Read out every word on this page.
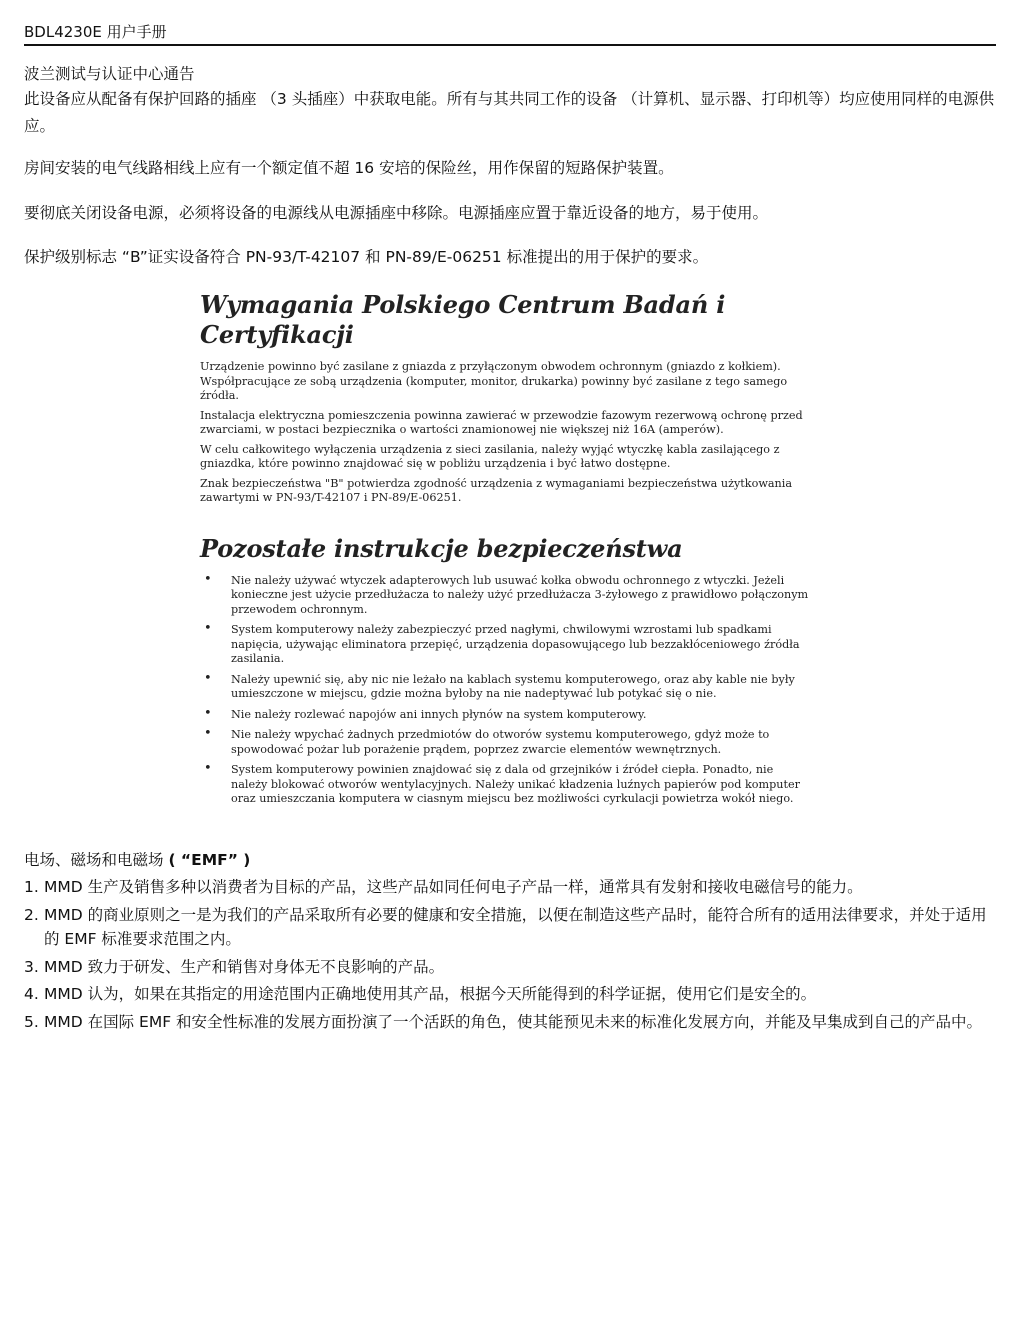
BDL4230E 用户手册
波兰测试与认证中心通告
此设备应从配备有保护回路的插座 （3 头插座）中获取电能。所有与其共同工作的设备 （计算机、显示器、打印机等）均应使用同样的电源供应。
房间安装的电气线路相线上应有一个额定值不超 16 安培的保险丝，用作保留的短路保护装置。
要彻底关闭设备电源，必须将设备的电源线从电源插座中移除。电源插座应置于靠近设备的地方，易于使用。
保护级别标志 “B”证实设备符合 PN-93/T-42107 和 PN-89/E-06251 标准提出的用于保护的要求。
Wymagania Polskiego Centrum Badań i Certyfikacji

Urządzenie powinno być zasilane z gniazda z przyłączonym obwodem ochronnym (gniazdo z kołkiem). Współpracujące ze sobą urządzenia (komputer, monitor, drukarka) powinny być zasilane z tego samego źródła.

Instalacja elektryczna pomieszczenia powinna zawierać w przewodzie fazowym rezerwową ochronę przed zwarciami, w postaci bezpiecznika o wartości znamionowej nie większej niż 16A (amperów).

W celu całkowitego wyłączenia urządzenia z sieci zasilania, należy wyjąć wtyczkę kabla zasilającego z gniazdka, które powinno znajdować się w pobliżu urządzenia i być łatwo dostępne.

Znak bezpieczeństwa "B" potwierdza zgodność urządzenia z wymaganiami bezpieczeństwa użytkowania zawartymi w PN-93/T-42107 i PN-89/E-06251.

Pozostałe instrukcje bezpieczeństwa
• Nie należy używać wtyczek adapterowych lub usuwać kołka obwodu ochronnego z wtyczki. Jeżeli konieczne jest użycie przedłużacza to należy użyć przedłużacza 3-żyłowego z prawidłowo połączonym przewodem ochronnym.
• System komputerowy należy zabezpieczyć przed nagłymi, chwilowymi wzrostami lub spadkami napięcia, używając eliminatora przepięć, urządzenia dopasowującego lub bezzakłóceniowego źródła zasilania.
• Należy upewnić się, aby nic nie leżało na kablach systemu komputerowego, oraz aby kable nie były umieszczone w miejscu, gdzie można byłoby na nie nadeptywać lub potykać się o nie.
• Nie należy rozlewać napojów ani innych płynów na system komputerowy.
• Nie należy wpychać żadnych przedmiotów do otworów systemu komputerowego, gdyż może to spowodować pożar lub porażenie prądem, poprzez zwarcie elementów wewnętrznych.
• System komputerowy powinien znajdować się z dala od grzejników i źródeł ciepła. Ponadto, nie należy blokować otworów wentylacyjnych. Należy unikać kładzenia luźnych papierów pod komputer oraz umieszczania komputera w ciasnym miejscu bez możliwości cyrkulacji powietrza wokół niego.
电场、磁场和电磁场 ( “EMF” )
1. MMD 生产及销售多种以消费者为目标的产品，这些产品如同任何电子产品一样，通常具有发射和接收电磁信号的能力。
2. MMD 的商业原则之一是为我们的产品采取所有必要的健康和安全措施，以便在制造这些产品时，能符合所有的适用法律要求，并处于适用的 EMF 标准要求范围之内。
3. MMD 致力于研发、生产和销售对身体无不良影响的产品。
4. MMD 认为，如果在其指定的用途范围内正确地使用其产品，根据今天所能得到的科学证据，使用它们是安全的。
5. MMD 在国际 EMF 和安全性标准的发展方面扮演了一个活跃的角色，使其能预见未来的标准化发展方向，并能及早集成到自己的产品中。
